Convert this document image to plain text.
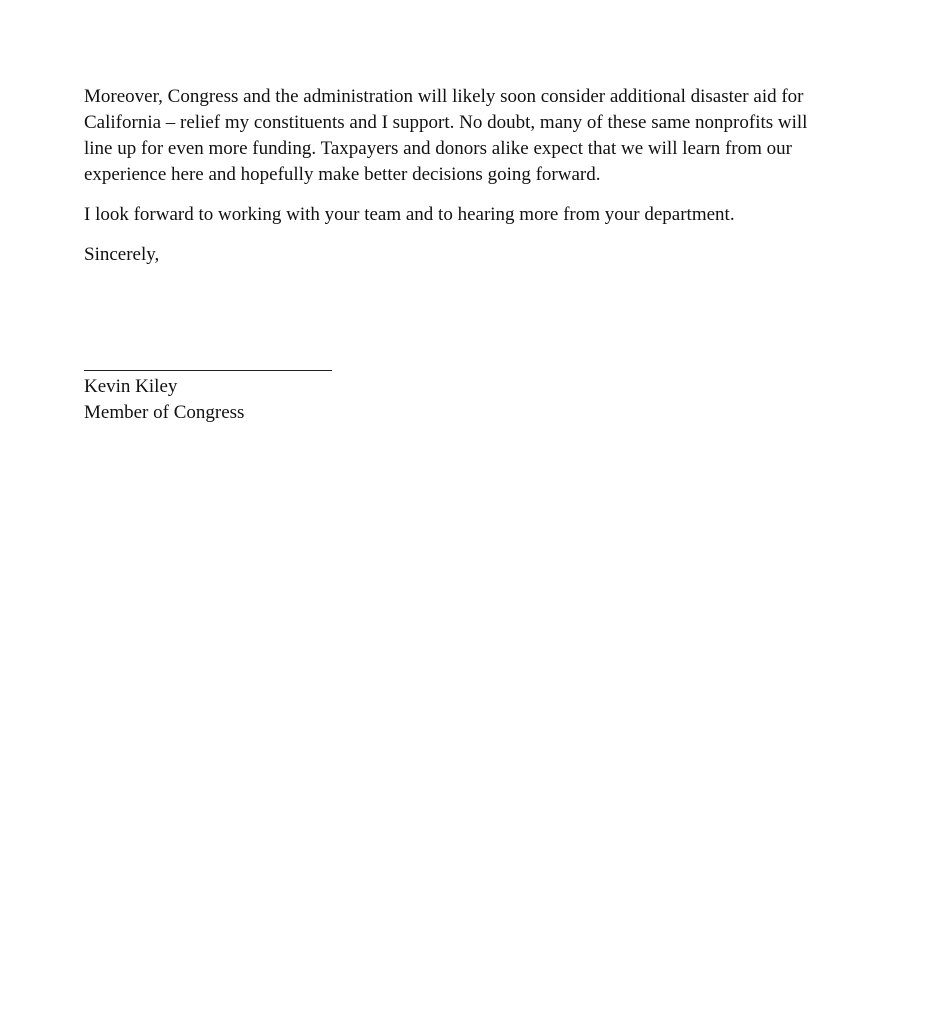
Moreover, Congress and the administration will likely soon consider additional disaster aid for
California – relief my constituents and I support. No doubt, many of these same nonprofits will
line up for even more funding. Taxpayers and donors alike expect that we will learn from our
experience here and hopefully make better decisions going forward.

I look forward to working with your team and to hearing more from your department.

Sincerely,

Kevin Kiley
Member of Congress
